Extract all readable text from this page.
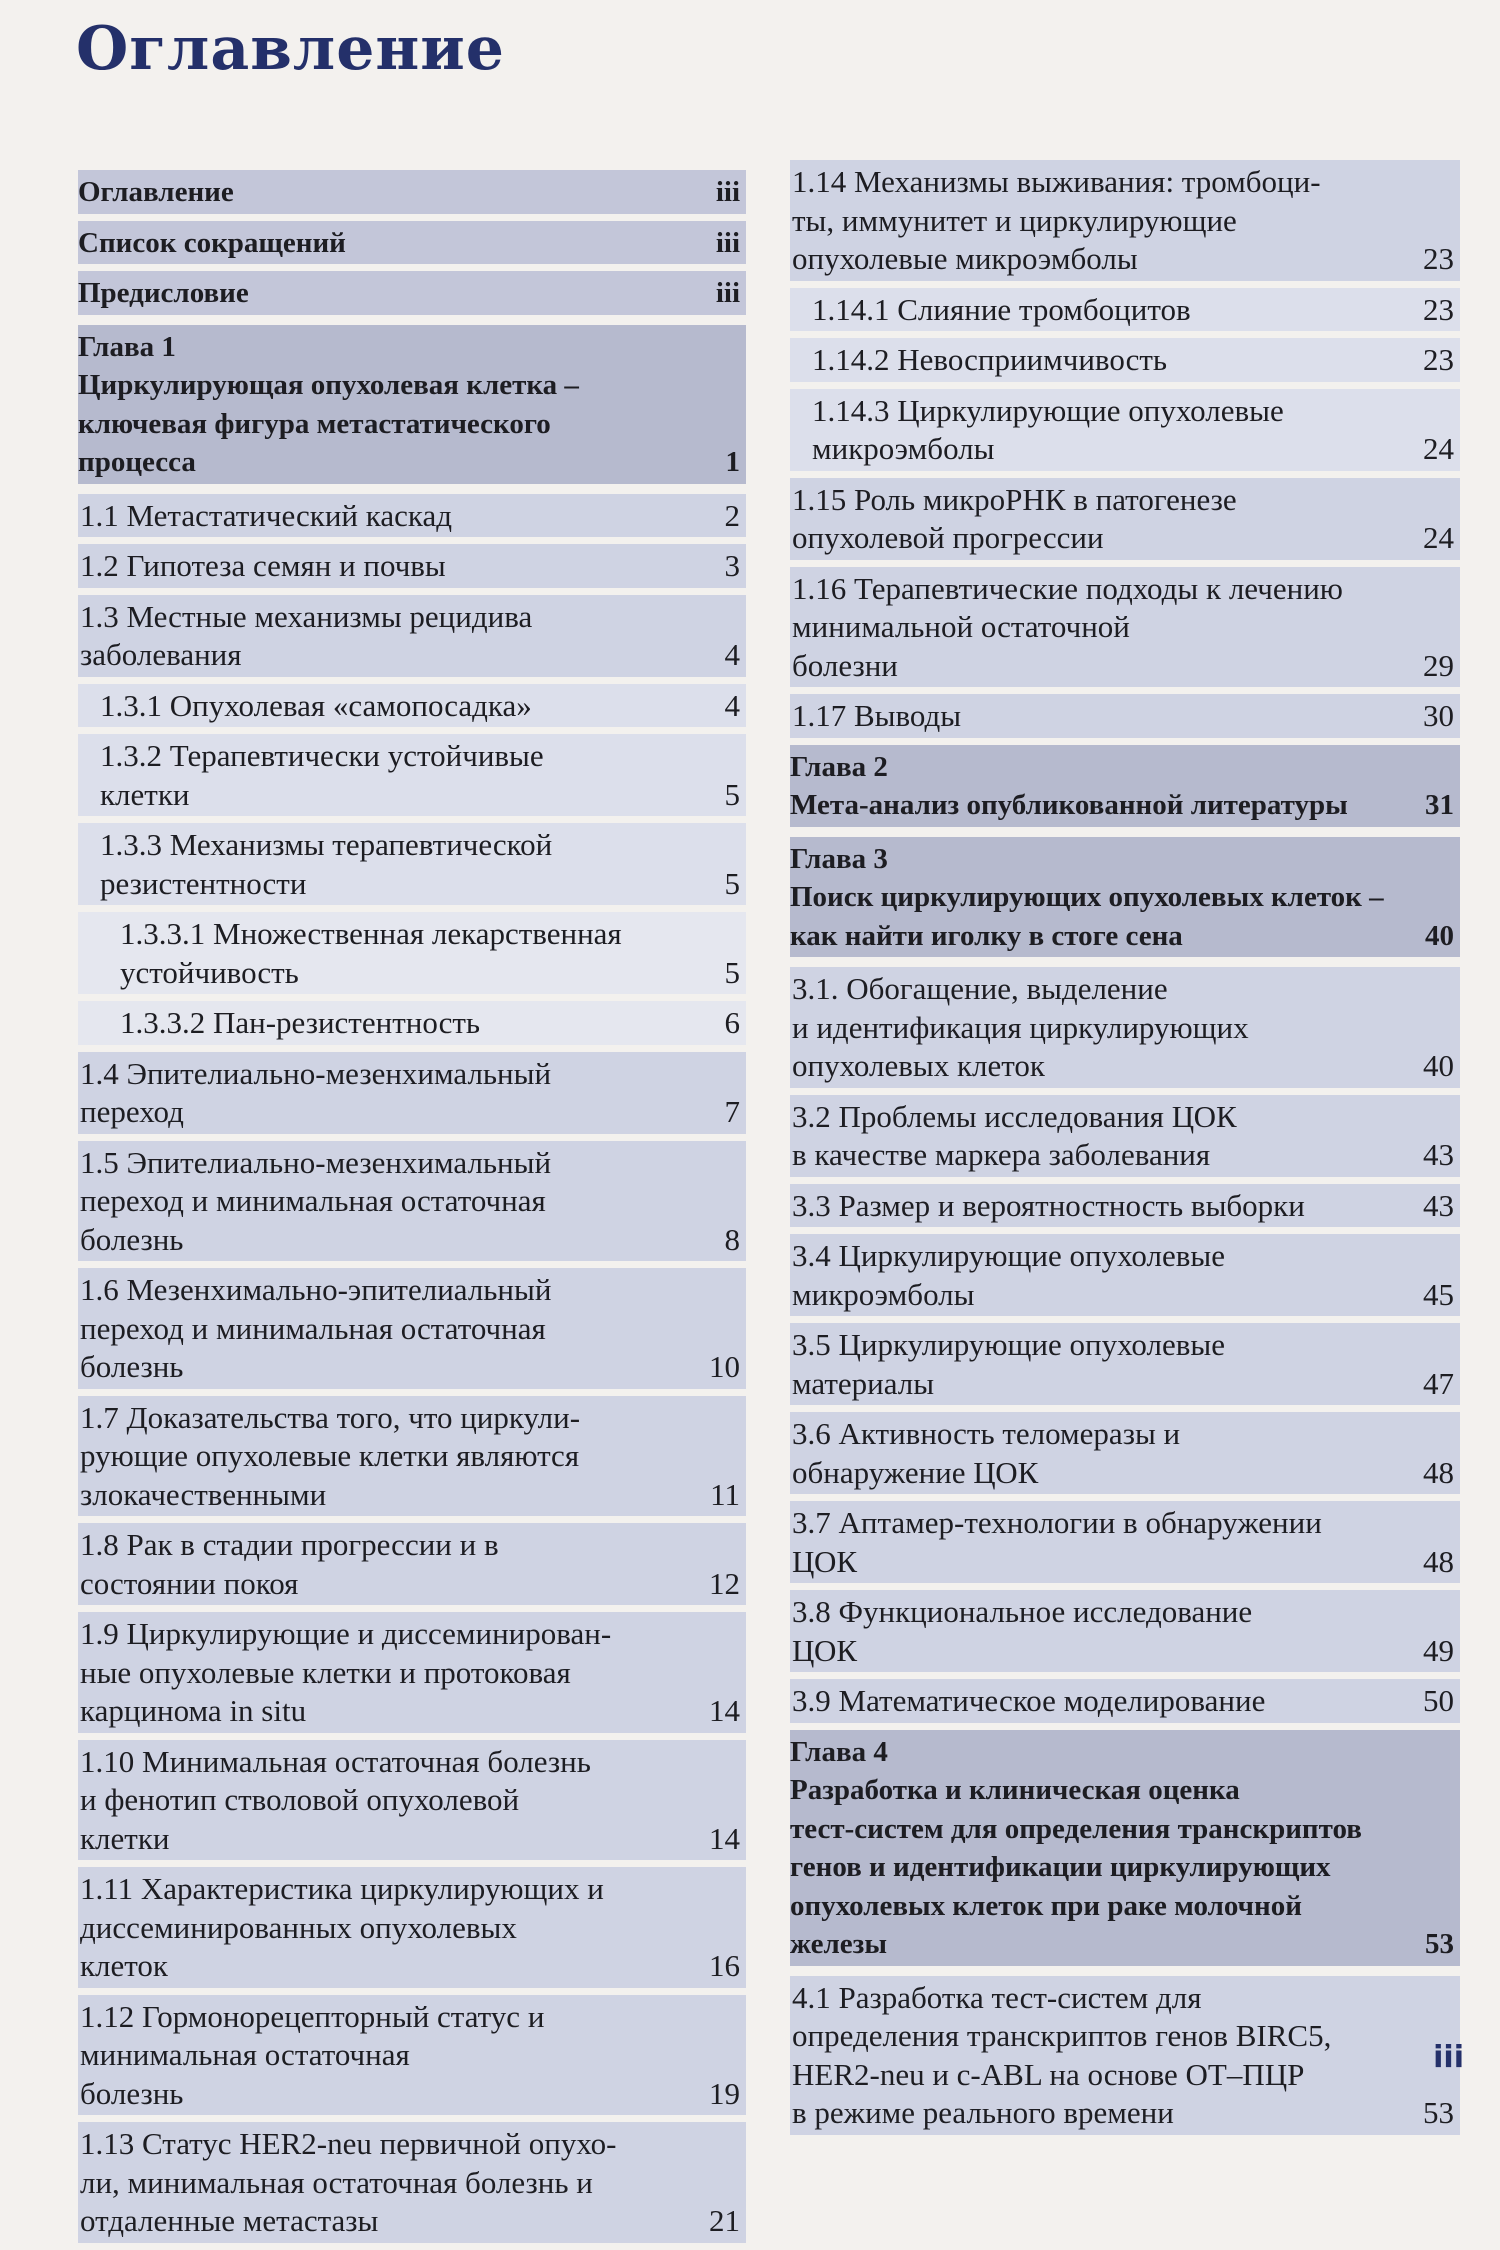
Оглавление
Оглавление	iii
Список сокращений	iii
Предисловие	iii
Глава 1
Циркулирующая опухолевая клетка –
ключевая фигура метастатического
процесса	1
1.1 Метастатический каскад	2
1.2 Гипотеза семян и почвы	3
1.3 Местные механизмы рецидива
заболевания	4
1.3.1 Опухолевая «самопосадка»	4
1.3.2 Терапевтически устойчивые
клетки	5
1.3.3 Механизмы терапевтической
резистентности	5
1.3.3.1 Множественная лекарственная
устойчивость	5
1.3.3.2 Пан-резистентность	6
1.4 Эпителиально-мезенхимальный
переход	7
1.5 Эпителиально-мезенхимальный
переход и минимальная остаточная
болезнь	8
1.6 Мезенхимально-эпителиальный
переход и минимальная остаточная
болезнь	10
1.7 Доказательства того, что циркули-
рующие опухолевые клетки являются
злокачественными	11
1.8 Рак в стадии прогрессии и в
состоянии покоя	12
1.9 Циркулирующие и диссеминирован-
ные опухолевые клетки и протоковая
карцинома in situ	14
1.10 Минимальная остаточная болезнь
и фенотип стволовой опухолевой
клетки	14
1.11 Характеристика циркулирующих и
диссеминированных опухолевых
клеток	16
1.12 Гормонорецепторный статус и
минимальная остаточная
болезнь	19
1.13 Статус HER2-neu первичной опухо-
ли, минимальная остаточная болезнь и
отдаленные метастазы	21
1.14 Механизмы выживания: тромбоци-
ты, иммунитет и циркулирующие
опухолевые микроэмболы	23
1.14.1 Слияние тромбоцитов	23
1.14.2 Невосприимчивость	23
1.14.3 Циркулирующие опухолевые
микроэмболы	24
1.15 Роль микроРНК в патогенезе
опухолевой прогрессии	24
1.16 Терапевтические подходы к лечению
минимальной остаточной
болезни	29
1.17 Выводы	30
Глава 2
Мета-анализ опубликованной литературы	31
Глава 3
Поиск циркулирующих опухолевых клеток –
как найти иголку в стоге сена	40
3.1. Обогащение, выделение
и идентификация циркулирующих
опухолевых клеток	40
3.2 Проблемы исследования ЦОК
в качестве маркера заболевания	43
3.3 Размер и вероятностность выборки	43
3.4 Циркулирующие опухолевые
микроэмболы	45
3.5 Циркулирующие опухолевые
материалы	47
3.6 Активность теломеразы и
обнаружение ЦОК	48
3.7 Аптамер-технологии в обнаружении
ЦОК	48
3.8 Функциональное исследование
ЦОК	49
3.9 Математическое моделирование	50
Глава 4
Разработка и клиническая оценка
тест-систем для определения транскриптов
генов и идентификации циркулирующих
опухолевых клеток при раке молочной
железы	53
4.1 Разработка тест-систем для
определения транскриптов генов BIRC5,
HER2-neu и c-ABL на основе ОТ–ПЦР
в режиме реального времени	53
iii
